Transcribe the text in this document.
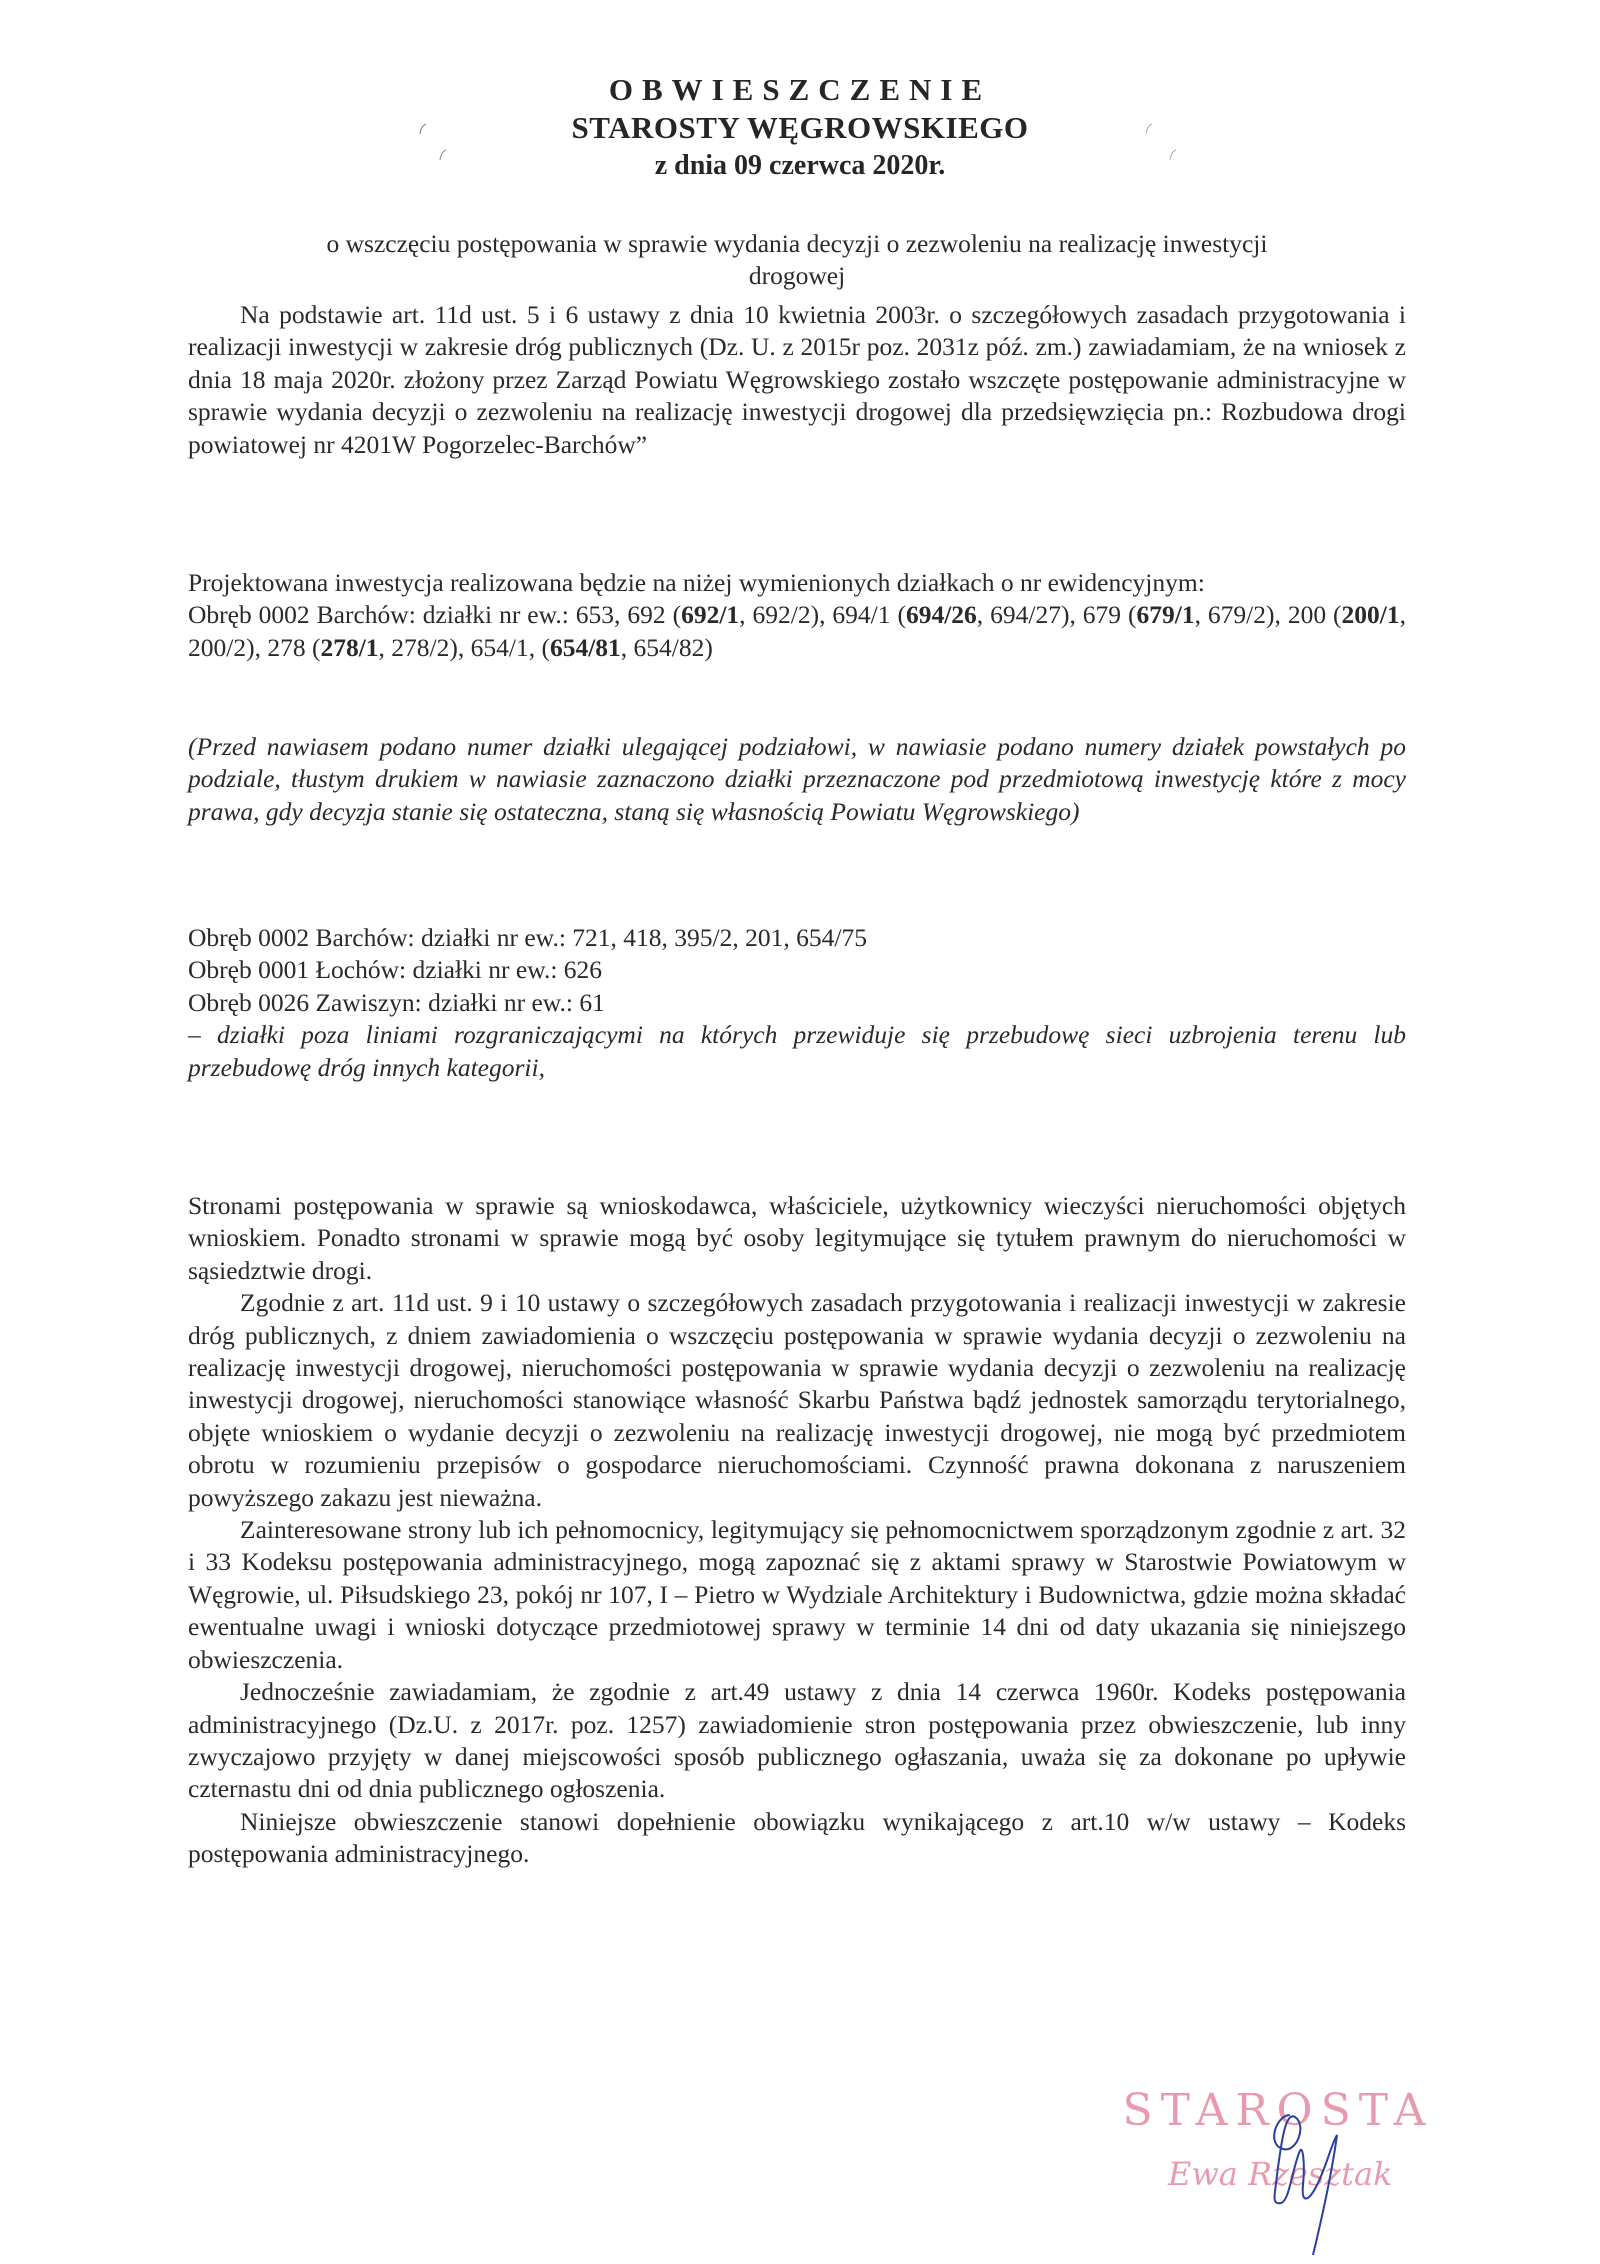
OBWIESZCZENIE
STAROSTY WĘGROWSKIEGO
z dnia 09 czerwca 2020r.

o wszczęciu postępowania w sprawie wydania decyzji o zezwoleniu na realizację inwestycji

drogowej

Na podstawie art. 11d ust. 5 i 6 ustawy z dnia 10 kwietnia 2003r. o szczegółowych zasadach przygotowania i realizacji inwestycji w zakresie dróg publicznych (Dz. U. z 2015r poz. 2031z póź. zm.) zawiadamiam, że na wniosek z dnia 18 maja 2020r. złożony przez Zarząd Powiatu Węgrowskiego zostało wszczęte postępowanie administracyjne w sprawie wydania decyzji o zezwoleniu na realizację inwestycji drogowej dla przedsięwzięcia pn.: Rozbudowa drogi powiatowej nr 4201W Pogorzelec-Barchów”

Projektowana inwestycja realizowana będzie na niżej wymienionych działkach o nr ewidencyjnym:

Obręb 0002 Barchów: działki nr ew.: 653, 692 (692/1, 692/2), 694/1 (694/26, 694/27), 679 (679/1, 679/2), 200 (200/1, 200/2), 278 (278/1, 278/2), 654/1, (654/81, 654/82)

(Przed nawiasem podano numer działki ulegającej podziałowi, w nawiasie podano numery działek powstałych po podziale, tłustym drukiem w nawiasie zaznaczono działki przeznaczone pod przedmiotową inwestycję które z mocy prawa, gdy decyzja stanie się ostateczna, staną się własnością Powiatu Węgrowskiego)

Obręb 0002 Barchów: działki nr ew.: 721, 418, 395/2, 201, 654/75

Obręb 0001 Łochów: działki nr ew.: 626

Obręb 0026 Zawiszyn: działki nr ew.: 61

– działki poza liniami rozgraniczającymi na których przewiduje się przebudowę sieci uzbrojenia terenu lub przebudowę dróg innych kategorii,

Stronami postępowania w sprawie są wnioskodawca, właściciele, użytkownicy wieczyści nieruchomości objętych wnioskiem. Ponadto stronami w sprawie mogą być osoby legitymujące się tytułem prawnym do nieruchomości w sąsiedztwie drogi.

Zgodnie z art. 11d ust. 9 i 10 ustawy o szczegółowych zasadach przygotowania i realizacji inwestycji w zakresie dróg publicznych, z dniem zawiadomienia o wszczęciu postępowania w sprawie wydania decyzji o zezwoleniu na realizację inwestycji drogowej, nieruchomości postępowania w sprawie wydania decyzji o zezwoleniu na realizację inwestycji drogowej, nieruchomości stanowiące własność Skarbu Państwa bądź jednostek samorządu terytorialnego, objęte wnioskiem o wydanie decyzji o zezwoleniu na realizację inwestycji drogowej, nie mogą być przedmiotem obrotu w rozumieniu przepisów o gospodarce nieruchomościami. Czynność prawna dokonana z naruszeniem powyższego zakazu jest nieważna.

Zainteresowane strony lub ich pełnomocnicy, legitymujący się pełnomocnictwem sporządzonym zgodnie z art. 32 i 33 Kodeksu postępowania administracyjnego, mogą zapoznać się z aktami sprawy w Starostwie Powiatowym w Węgrowie, ul. Piłsudskiego 23, pokój nr 107, I – Pietro w Wydziale Architektury i Budownictwa, gdzie można składać ewentualne uwagi i wnioski dotyczące przedmiotowej sprawy w terminie 14 dni od daty ukazania się niniejszego obwieszczenia.

Jednocześnie zawiadamiam, że zgodnie z art.49 ustawy z dnia 14 czerwca 1960r. Kodeks postępowania administracyjnego (Dz.U. z 2017r. poz. 1257) zawiadomienie stron postępowania przez obwieszczenie, lub inny zwyczajowo przyjęty w danej miejscowości sposób publicznego ogłaszania, uważa się za dokonane po upływie czternastu dni od dnia publicznego ogłoszenia.

Niniejsze obwieszczenie stanowi dopełnienie obowiązku wynikającego z art.10 w/w ustawy – Kodeks postępowania administracyjnego.

STAROSTA
Ewa Rzesztak
